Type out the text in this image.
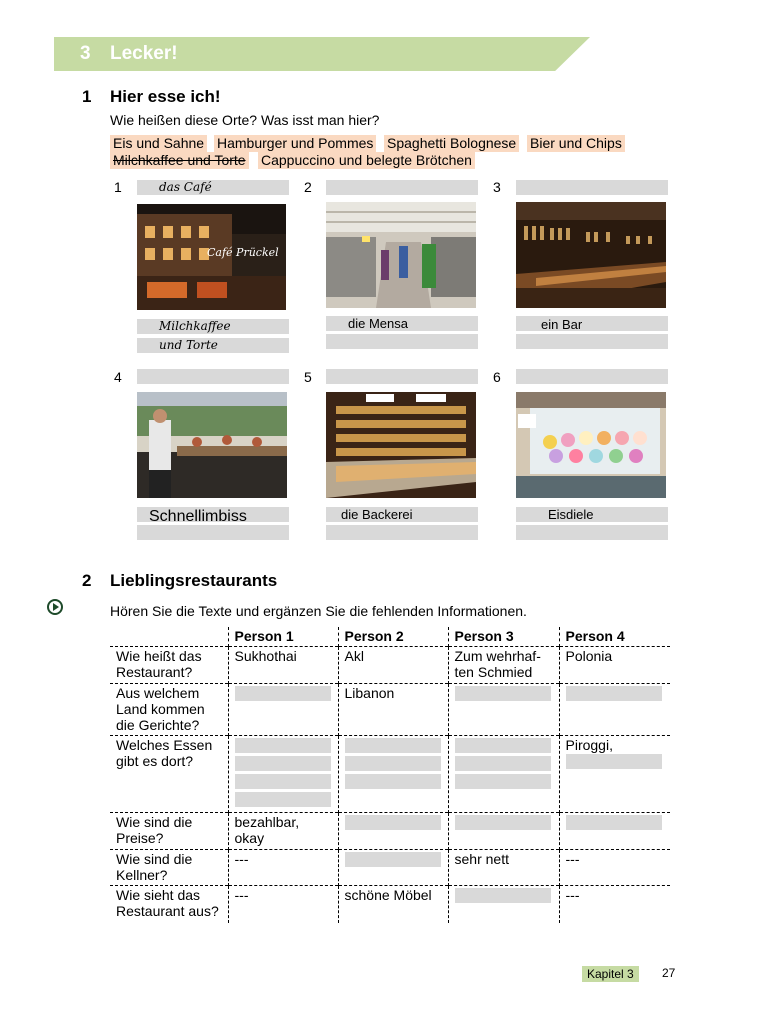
3 Lecker!
1 Hier esse ich!
Wie heißen diese Orte? Was isst man hier?
Eis und Sahne Hamburger und Pommes Spaghetti Bolognese Bier und Chips
Milchkaffee und Torte Cappuccino und belegte Brötchen
1	das Café
Café Prückel
Milchkaffee
und Torte
2
die Mensa
3
ein Bar
4
Schnellimbiss
5
die Backerei
6
Eisdiele
2 Lieblingsrestaurants
Hören Sie die Texte und ergänzen Sie die fehlenden Informationen.
	Person 1	Person 2	Person 3	Person 4
Wie heißt das Restaurant?	Sukhothai	Akl	Zum wehrhaf-ten Schmied	Polonia
Aus welchem Land kommen die Gerichte?		Libanon	

Welches Essen gibt es dort?				Piroggi,

Wie sind die Preise?	bezahlbar, okay	

Wie sind die Kellner?	---		sehr nett	---
Wie sieht das Restaurant aus?	---	schöne Möbel		---
Kapitel 3	27
